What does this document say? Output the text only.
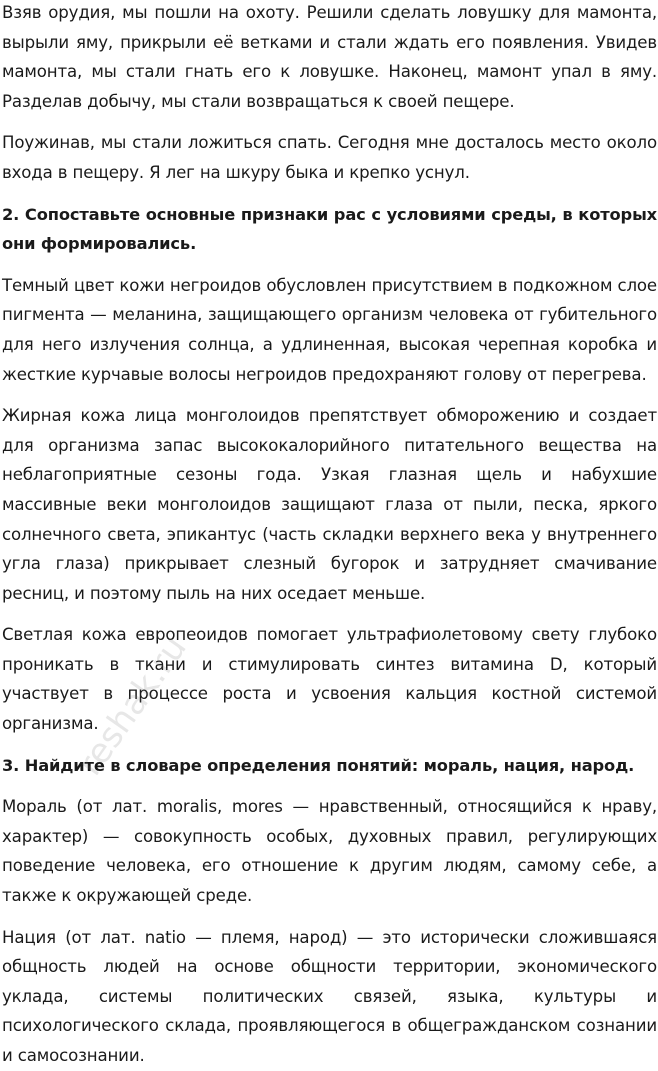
Взяв орудия, мы пошли на охоту. Решили сделать ловушку для мамонта, вырыли яму, прикрыли её ветками и стали ждать его появления. Увидев мамонта, мы стали гнать его к ловушке. Наконец, мамонт упал в яму. Разделав добычу, мы стали возвращаться к своей пещере.

Поужинав, мы стали ложиться спать. Сегодня мне досталось место около входа в пещеру. Я лег на шкуру быка и крепко уснул.

2. Сопоставьте основные признаки рас с условиями среды, в которых они формировались.

Темный цвет кожи негроидов обусловлен присутствием в подкожном слое пигмента — меланина, защищающего организм человека от губительного для него излучения солнца, а удлиненная, высокая черепная коробка и жесткие курчавые волосы негроидов предохраняют голову от перегрева.

Жирная кожа лица монголоидов препятствует обморожению и создает для организма запас высококалорийного питательного вещества на неблагоприятные сезоны года. Узкая глазная щель и набухшие массивные веки монголоидов защищают глаза от пыли, песка, яркого солнечного света, эпикантус (часть складки верхнего века у внутреннего угла глаза) прикрывает слезный бугорок и затрудняет смачивание ресниц, и поэтому пыль на них оседает меньше.

Светлая кожа европеоидов помогает ультрафиолетовому свету глубоко проникать в ткани и стимулировать синтез витамина D, который участвует в процессе роста и усвоения кальция костной системой организма.

3. Найдите в словаре определения понятий: мораль, нация, народ.

Мораль (от лат. moralis, mores — нравственный, относящийся к нраву, характер) — совокупность особых, духовных правил, регулирующих поведение человека, его отношение к другим людям, самому себе, а также к окружающей среде.

Нация (от лат. natio — племя, народ) — это исторически сложившаяся общность людей на основе общности территории, экономического уклада, системы политических связей, языка, культуры и психологического склада, проявляющегося в общегражданском сознании и самосознании.

reshak.ru
